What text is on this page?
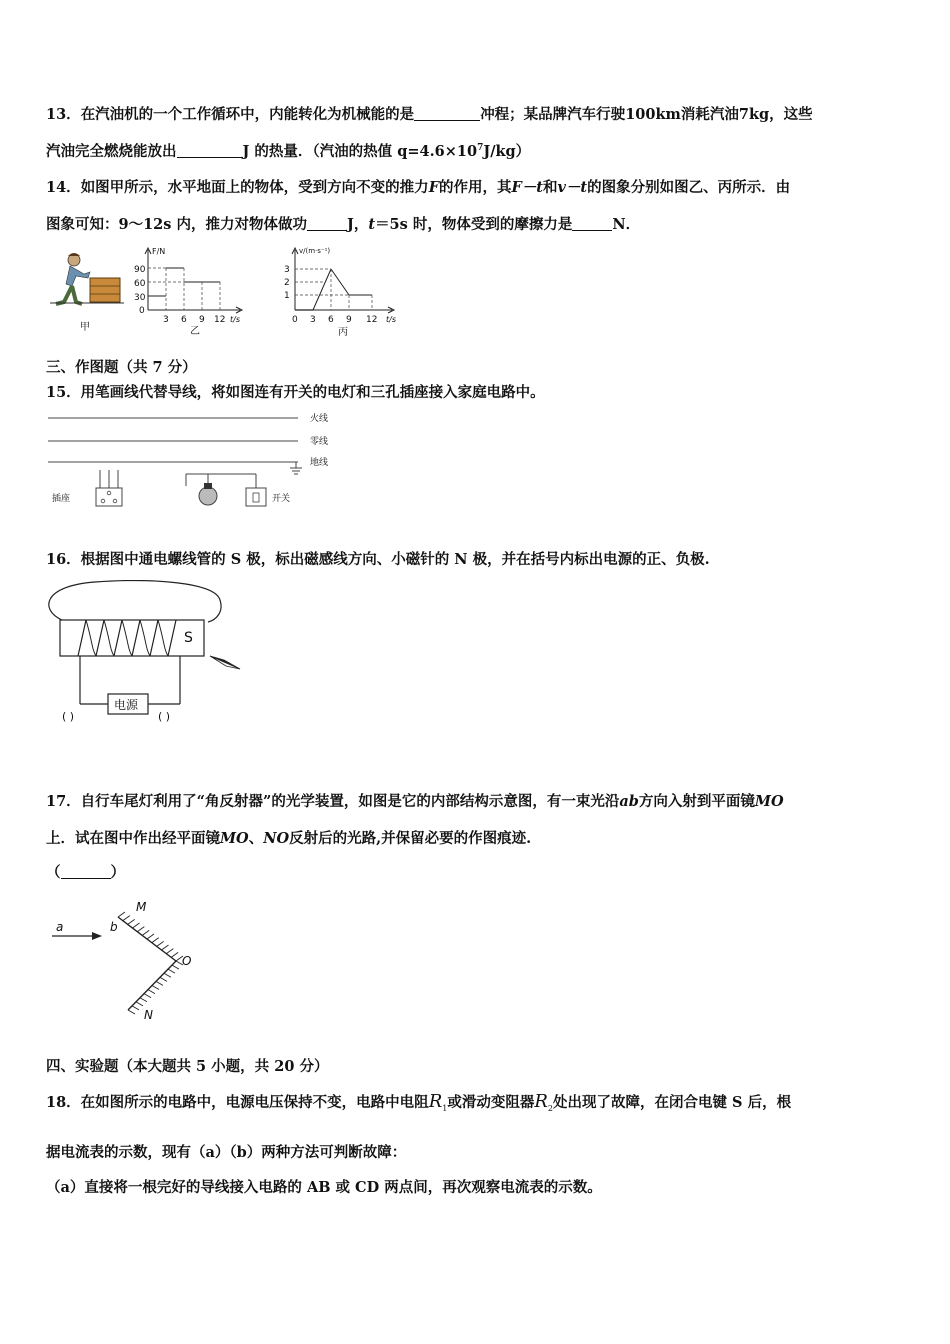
13．在汽油机的一个工作循环中，内能转化为机械能的是	冲程；某品牌汽车行驶100km消耗汽油7kg，这些
汽油完全燃烧能放出	J 的热量．（汽油的热值 $q=4.6\times 10^7J/kg$）
14．如图甲所示，水平地面上的物体，受到方向不变的推力F的作用，其F－t和v－t的图象分别如图乙、丙所示．由
图象可知：9～12s 内，推力对物体做功	J，t＝5s 时，物体受到的摩擦力是	N．
甲
F/N
90
60
30
0
3 6 9 12 t/s
乙
v/(m·s⁻¹)
3
2
1
0 3 6 9 12 t/s
丙
三、作图题（共 7 分）
15．用笔画线代替导线，将如图连有开关的电灯和三孔插座接入家庭电路中。
火线
零线
地线
插座	开关
16．根据图中通电螺线管的 S 极，标出磁感线方向、小磁针的 N 极，并在括号内标出电源的正、负极.
电源
S
( )	( )
17．自行车尾灯利用了“角反射器”的光学装置，如图是它的内部结构示意图，有一束光沿ab方向入射到平面镜MO
上．试在图中作出经平面镜MO、NO反射后的光路,并保留必要的作图痕迹.
（	）
a	b
M
O
N
四、实验题（本大题共 5 小题，共 20 分）
18．在如图所示的电路中，电源电压保持不变，电路中电阻$R_1$或滑动变阻器$R_2$处出现了故障，在闭合电键 S 后，根
据电流表的示数，现有（a）（b）两种方法可判断故障：
（a）直接将一根完好的导线接入电路的 AB 或 CD 两点间，再次观察电流表的示数。
